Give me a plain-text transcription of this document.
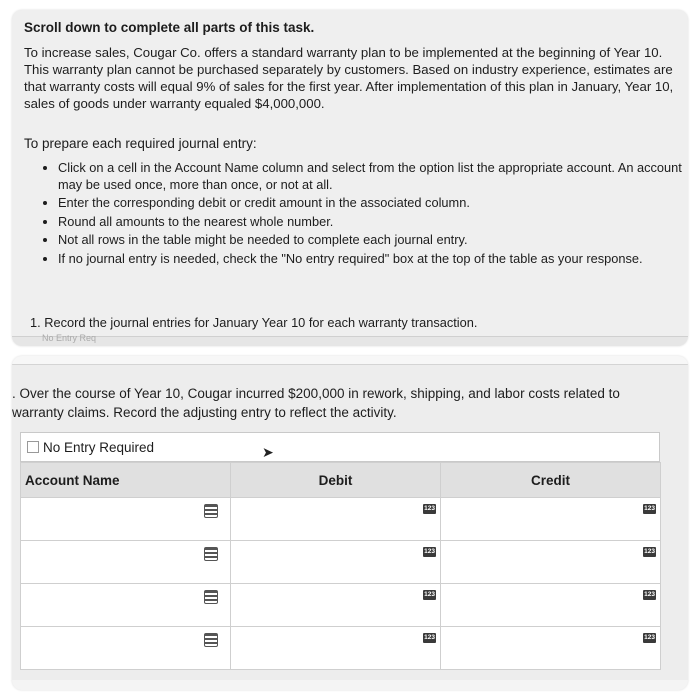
Scroll down to complete all parts of this task.
To increase sales, Cougar Co. offers a standard warranty plan to be implemented at the beginning of Year 10. This warranty plan cannot be purchased separately by customers. Based on industry experience, estimates are that warranty costs will equal 9% of sales for the first year. After implementation of this plan in January, Year 10, sales of goods under warranty equaled $4,000,000.
To prepare each required journal entry:
• Click on a cell in the Account Name column and select from the option list the appropriate account. An account may be used once, more than once, or not at all.
• Enter the corresponding debit or credit amount in the associated column.
• Round all amounts to the nearest whole number.
• Not all rows in the table might be needed to complete each journal entry.
• If no journal entry is needed, check the "No entry required" box at the top of the table as your response.
1. Record the journal entries for January Year 10 for each warranty transaction.
No Entry Req
. Over the course of Year 10, Cougar incurred $200,000 in rework, shipping, and labor costs related to warranty claims. Record the adjusting entry to reflect the activity.
No Entry Required	➤
Account Name	Debit	Credit

	123	123

	123	123

	123	123

	123	123
